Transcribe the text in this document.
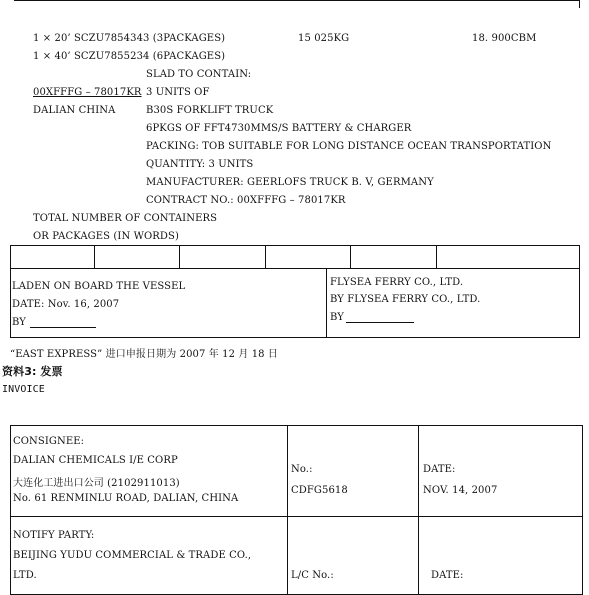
1 × 20’ SCZU7854343 (3PACKAGES)	15 025KG	18. 900CBM
1 × 40’ SCZU7855234 (6PACKAGES)
SLAD TO CONTAIN:
00XFFFG – 78017KR
DALIAN CHINA
3 UNITS OF
B30S FORKLIFT TRUCK
6PKGS OF FFT4730MMS/S BATTERY & CHARGER
PACKING: TOB SUITABLE FOR LONG DISTANCE OCEAN TRANSPORTATION
QUANTITY: 3 UNITS
MANUFACTURER: GEERLOFS TRUCK B. V, GERMANY
CONTRACT NO.: 00XFFFG – 78017KR
TOTAL NUMBER OF CONTAINERS
OR PACKAGES (IN WORDS)
LADEN ON BOARD THE VESSEL
DATE: Nov. 16, 2007
BY
FLYSEA FERRY CO., LTD.
BY FLYSEA FERRY CO., LTD.
BY
“EAST EXPRESS” 进口申报日期为 2007 年 12 月 18 日
资料3: 发票
INVOICE
CONSIGNEE:
DALIAN CHEMICALS I/E CORP
大连化工进出口公司 (2102911013)
No. 61 RENMINLU ROAD, DALIAN, CHINA
No.:
CDFG5618
DATE:
NOV. 14, 2007
NOTIFY PARTY:
BEIJING YUDU COMMERCIAL & TRADE CO.,
LTD.	L/C No.:	DATE:
